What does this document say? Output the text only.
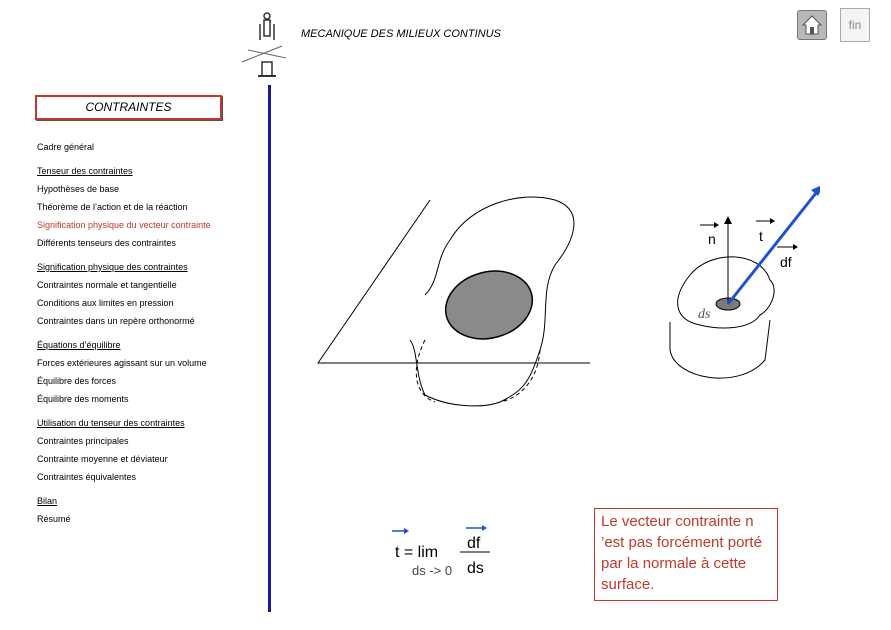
MECANIQUE DES MILIEUX CONTINUS
fin
CONTRAINTES
Cadre général
Tenseur des contraintes
Hypothèses de base
Théorème de l’action et de la réaction
Signification physique du vecteur contrainte
Différents tenseurs des contraintes
Signification physique des contraintes
Contraintes normale et tangentielle
Conditions aux limites en pression
Contraintes dans un repère orthonormé
Équations d’équilibre
Forces extérieures agissant sur un volume
Équilibre des forces
Équilibre des moments
Utilisation du tenseur des contraintes
Contraintes principales
Contrainte moyenne et déviateur
Contraintes équivalentes
Bilan
Résumé
n	t
df
ds
t = lim
df
ds -> 0 ds
Le vecteur contrainte n ’est pas forcément porté par la normale à cette surface.
